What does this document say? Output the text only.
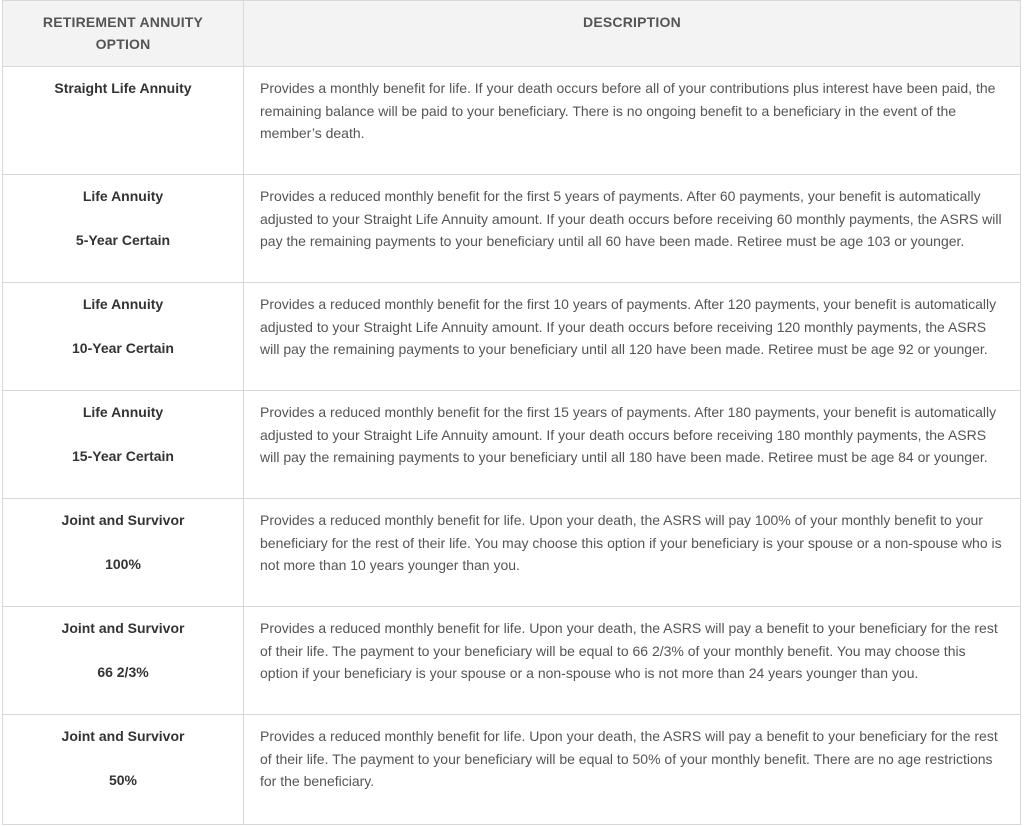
RETIREMENT ANNUITY OPTION
DESCRIPTION
Straight Life Annuity	Provides a monthly benefit for life. If your death occurs before all of your contributions plus interest have been paid, the remaining balance will be paid to your beneficiary. There is no ongoing benefit to a beneficiary in the event of the member’s death.
Life Annuity
5-Year Certain
Provides a reduced monthly benefit for the first 5 years of payments. After 60 payments, your benefit is automatically adjusted to your Straight Life Annuity amount. If your death occurs before receiving 60 monthly payments, the ASRS will pay the remaining payments to your beneficiary until all 60 have been made. Retiree must be age 103 or younger.
Life Annuity
10-Year Certain
Provides a reduced monthly benefit for the first 10 years of payments. After 120 payments, your benefit is automatically adjusted to your Straight Life Annuity amount. If your death occurs before receiving 120 monthly payments, the ASRS will pay the remaining payments to your beneficiary until all 120 have been made. Retiree must be age 92 or younger.
Life Annuity
15-Year Certain
Provides a reduced monthly benefit for the first 15 years of payments. After 180 payments, your benefit is automatically adjusted to your Straight Life Annuity amount. If your death occurs before receiving 180 monthly payments, the ASRS will pay the remaining payments to your beneficiary until all 180 have been made. Retiree must be age 84 or younger.
Joint and Survivor
100%
Provides a reduced monthly benefit for life. Upon your death, the ASRS will pay 100% of your monthly benefit to your beneficiary for the rest of their life. You may choose this option if your beneficiary is your spouse or a non-spouse who is not more than 10 years younger than you.
Joint and Survivor
66 2/3%
Provides a reduced monthly benefit for life. Upon your death, the ASRS will pay a benefit to your beneficiary for the rest of their life. The payment to your beneficiary will be equal to 66 2/3% of your monthly benefit. You may choose this option if your beneficiary is your spouse or a non-spouse who is not more than 24 years younger than you.
Joint and Survivor
50%
Provides a reduced monthly benefit for life. Upon your death, the ASRS will pay a benefit to your beneficiary for the rest of their life. The payment to your beneficiary will be equal to 50% of your monthly benefit. There are no age restrictions for the beneficiary.
